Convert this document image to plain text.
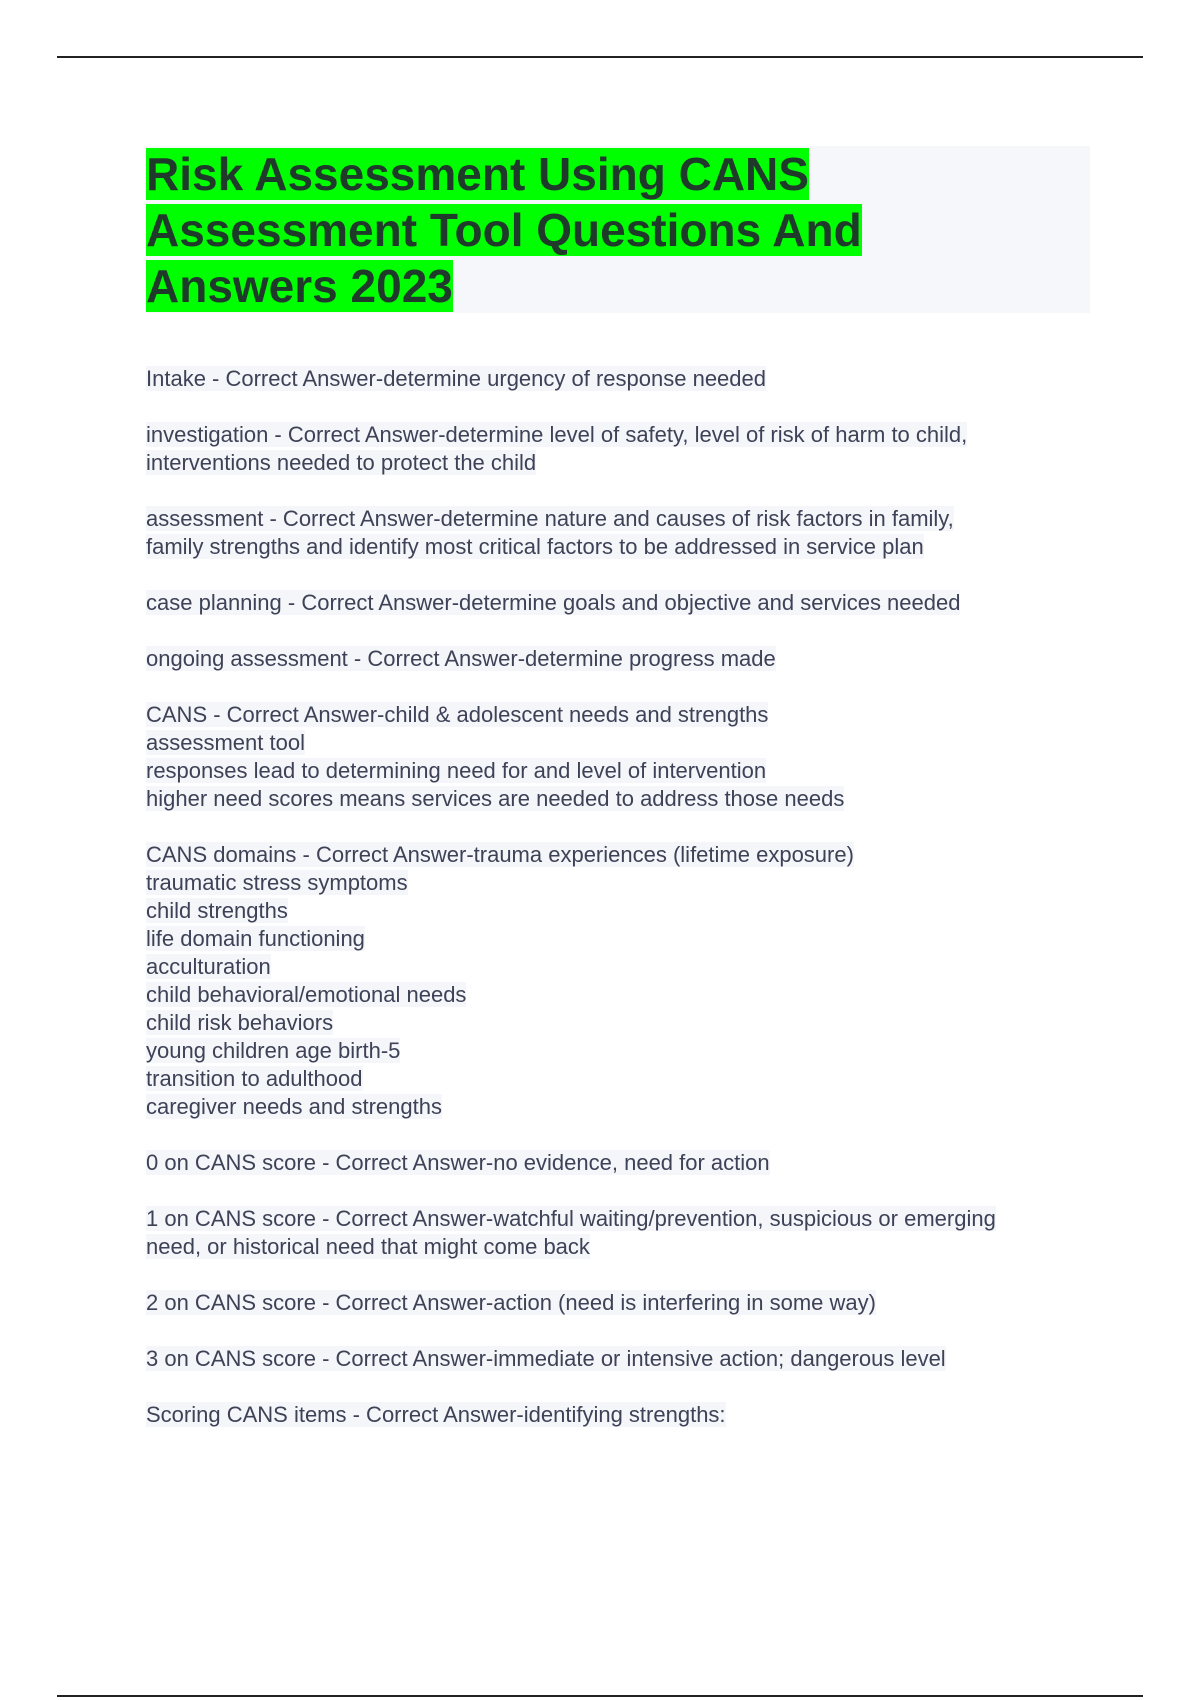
Risk Assessment Using CANS Assessment Tool Questions And Answers 2023
Intake - Correct Answer-determine urgency of response needed
investigation - Correct Answer-determine level of safety, level of risk of harm to child,
interventions needed to protect the child
assessment - Correct Answer-determine nature and causes of risk factors in family,
family strengths and identify most critical factors to be addressed in service plan
case planning - Correct Answer-determine goals and objective and services needed
ongoing assessment - Correct Answer-determine progress made
CANS - Correct Answer-child & adolescent needs and strengths
assessment tool
responses lead to determining need for and level of intervention
higher need scores means services are needed to address those needs
CANS domains - Correct Answer-trauma experiences (lifetime exposure)
traumatic stress symptoms
child strengths
life domain functioning
acculturation
child behavioral/emotional needs
child risk behaviors
young children age birth-5
transition to adulthood
caregiver needs and strengths
0 on CANS score - Correct Answer-no evidence, need for action
1 on CANS score - Correct Answer-watchful waiting/prevention, suspicious or emerging
need, or historical need that might come back
2 on CANS score - Correct Answer-action (need is interfering in some way)
3 on CANS score - Correct Answer-immediate or intensive action; dangerous level
Scoring CANS items - Correct Answer-identifying strengths:
